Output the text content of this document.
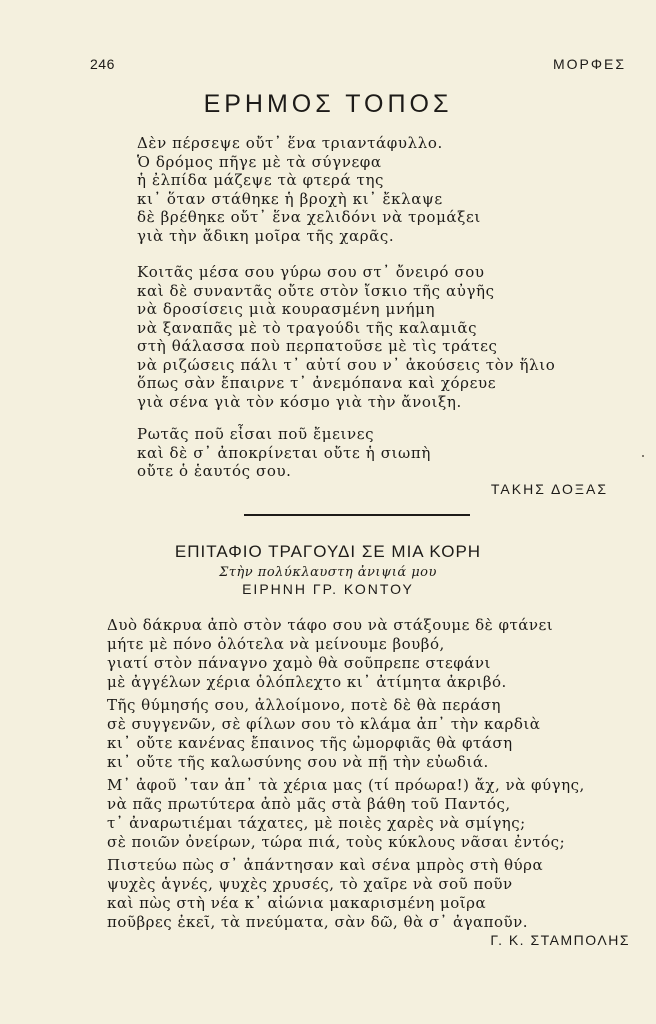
246	ΜΟΡΦΕΣ
ΕΡΗΜΟΣ ΤΟΠΟΣ
Δὲν πέρσεψε οὔτ᾽ ἕνα τριαντάφυλλο.
Ὁ δρόμος πῆγε μὲ τὰ σύγνεφα
ἡ ἐλπίδα μάζεψε τὰ φτερά της
κι᾽ ὅταν στάθηκε ἡ βροχὴ κι᾽ ἔκλαψε
δὲ βρέθηκε οὔτ᾽ ἕνα χελιδόνι νὰ τρομάξει
γιὰ τὴν ἄδικη μοῖρα τῆς χαρᾶς.
Κοιτᾶς μέσα σου γύρω σου στ᾽ ὄνειρό σου
καὶ δὲ συναντᾶς οὔτε στὸν ἴσκιο τῆς αὐγῆς
νὰ δροσίσεις μιὰ κουρασμένη μνήμη
νὰ ξαναπᾶς μὲ τὸ τραγούδι τῆς καλαμιᾶς
στὴ θάλασσα ποὺ περπατοῦσε μὲ τὶς τράτες
νὰ ριζώσεις πάλι τ᾽ αὐτί σου ν᾽ ἀκούσεις τὸν ἥλιο
ὅπως σὰν ἔπαιρνε τ᾽ ἀνεμόπανα καὶ χόρευε
γιὰ σένα γιὰ τὸν κόσμο γιὰ τὴν ἄνοιξη.
Ρωτᾶς ποῦ εἶσαι ποῦ ἔμεινες
καὶ δὲ σ᾽ ἀποκρίνεται οὔτε ἡ σιωπὴ
οὔτε ὁ ἑαυτός σου.
ΤΑΚΗΣ ΔΟΞΑΣ
ΕΠΙΤΑΦΙΟ ΤΡΑΓΟΥΔΙ ΣΕ ΜΙΑ ΚΟΡΗ
Στὴν πολύκλαυστη ἀνιψιά μου
ΕΙΡΗΝΗ ΓΡ. ΚΟΝΤΟΥ
Δυὸ δάκρυα ἀπὸ στὸν τάφο σου νὰ στάξουμε δὲ φτάνει
μήτε μὲ πόνο ὁλότελα νὰ μείνουμε βουβό,
γιατί στὸν πάναγνο χαμὸ θὰ σοῦπρεπε στεφάνι
μὲ ἀγγέλων χέρια ὁλόπλεχτο κι᾽ ἀτίμητα ἀκριβό.
Τῆς θύμησής σου, ἀλλοίμονο, ποτὲ δὲ θὰ περάση
σὲ συγγενῶν, σὲ φίλων σου τὸ κλάμα ἀπ᾽ τὴν καρδιὰ
κι᾽ οὔτε κανένας ἔπαινος τῆς ὠμορφιᾶς θὰ φτάση
κι᾽ οὔτε τῆς καλωσύνης σου νὰ πῇ τὴν εὐωδιά.
Μ᾽ ἀφοῦ ᾽ταν ἀπ᾽ τὰ χέρια μας (τί πρόωρα!) ἄχ, νὰ φύγης,
νὰ πᾶς πρωτύτερα ἀπὸ μᾶς στὰ βάθη τοῦ Παντός,
τ᾽ ἀναρωτιέμαι τάχατες, μὲ ποιὲς χαρὲς νὰ σμίγης;
σὲ ποιῶν ὀνείρων, τώρα πιά, τοὺς κύκλους νᾶσαι ἐντός;
Πιστεύω πὼς σ᾽ ἀπάντησαν καὶ σένα μπρὸς στὴ θύρα
ψυχὲς ἁγνές, ψυχὲς χρυσές, τὸ χαῖρε νὰ σοῦ ποῦν
καὶ πὼς στὴ νέα κ᾽ αἰώνια μακαρισμένη μοῖρα
ποῦβρες ἐκεῖ, τὰ πνεύματα, σὰν δῶ, θὰ σ᾽ ἀγαποῦν.
Γ. Κ. ΣΤΑΜΠΟΛΗΣ
